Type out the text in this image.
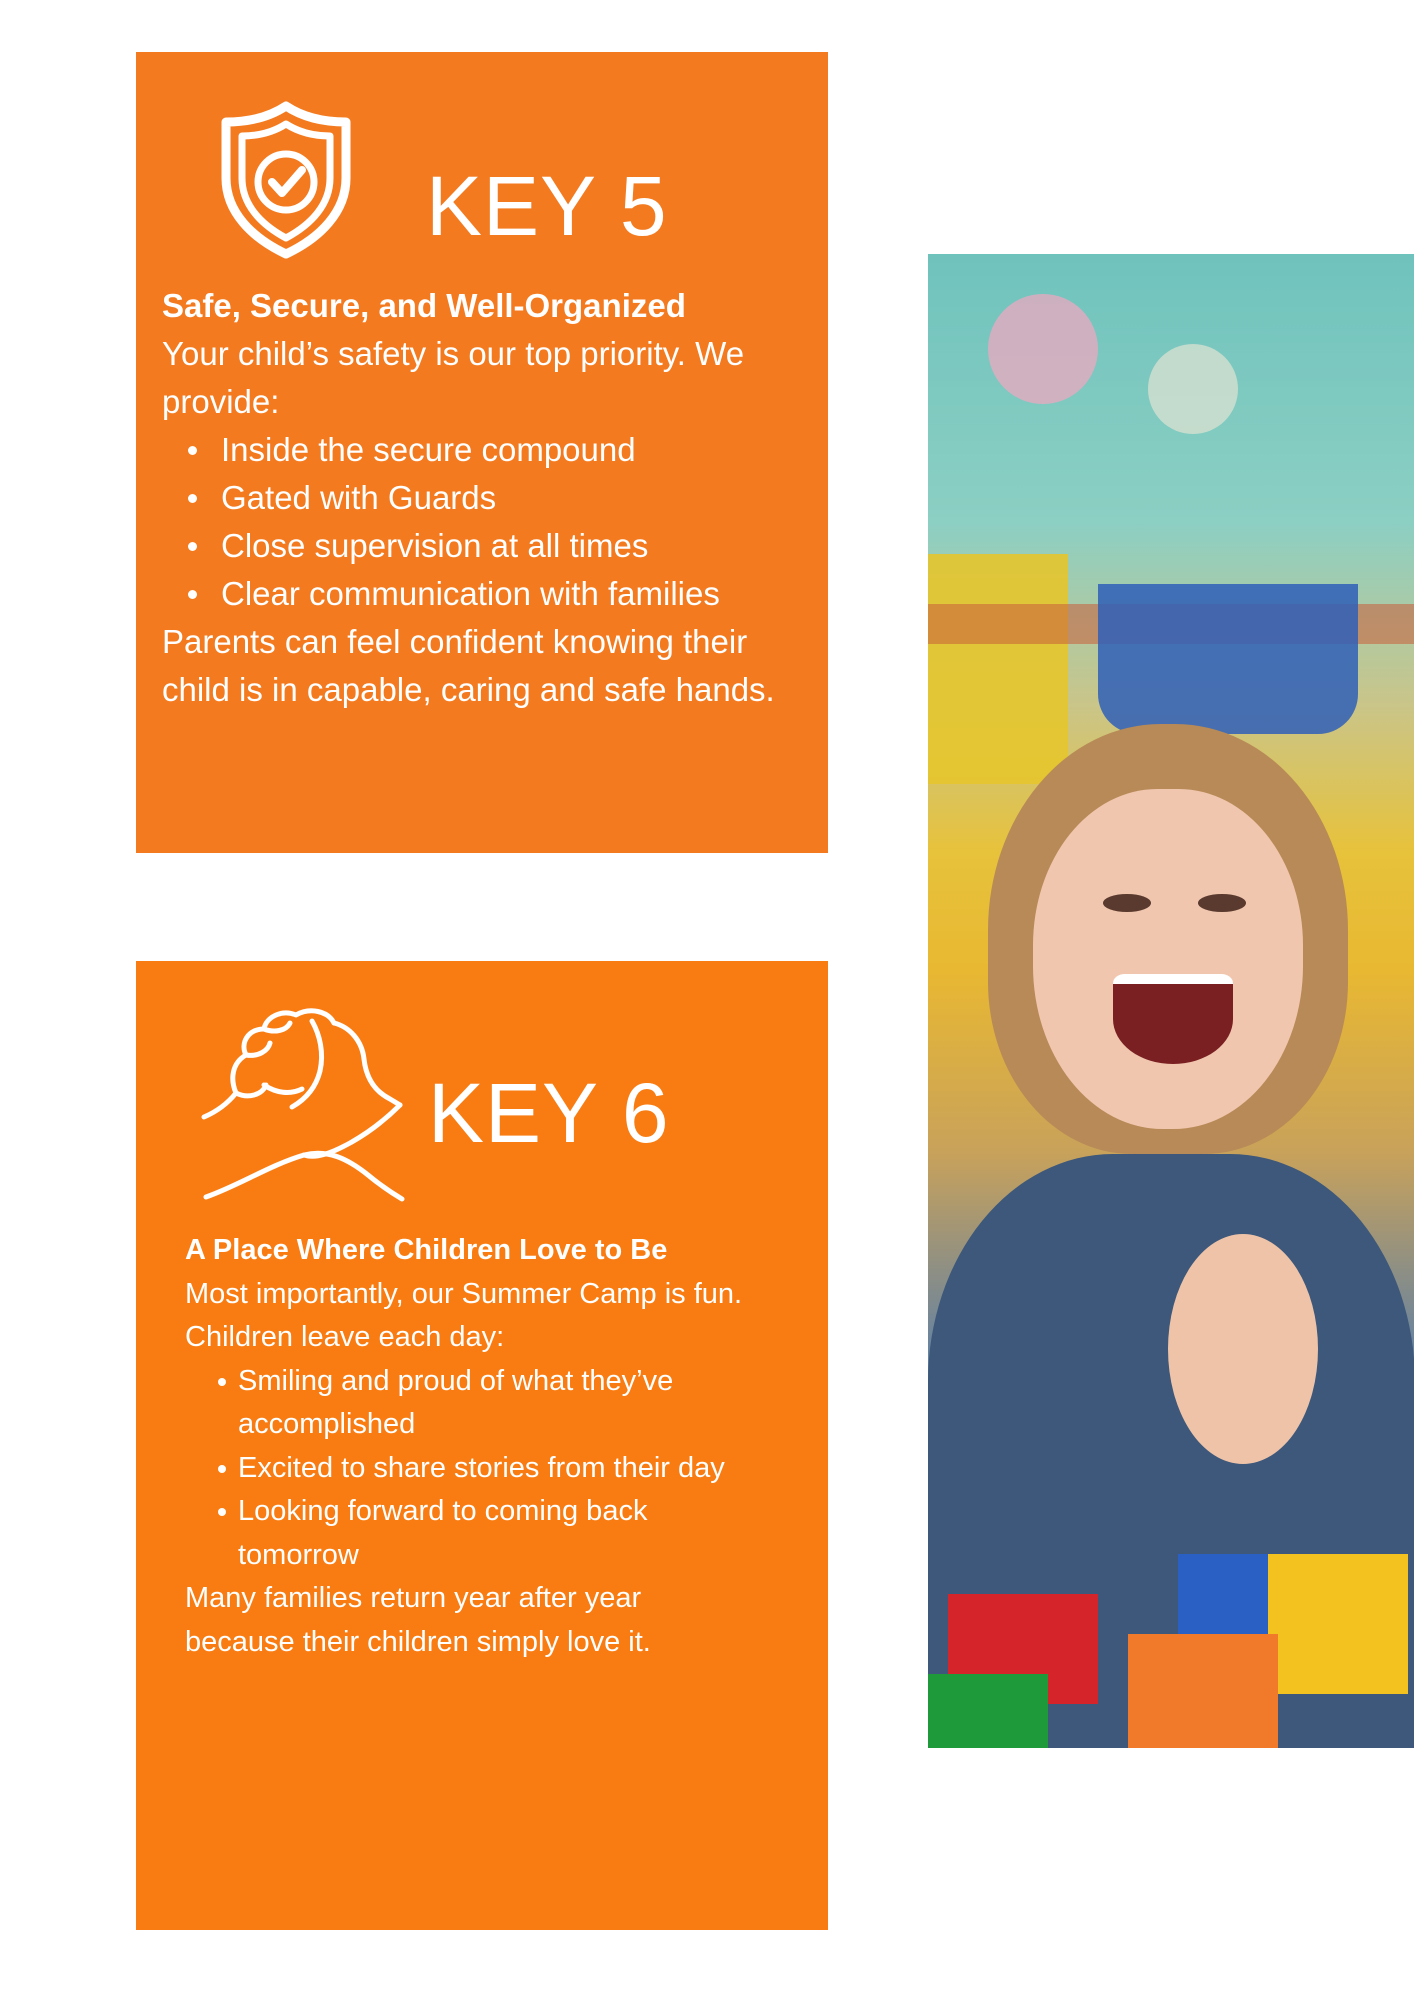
KEY 5

Safe, Secure, and Well-Organized

Your child’s safety is our top priority. We provide:

Inside the secure compound
Gated with Guards
Close supervision at all times
Clear communication with families

Parents can feel confident knowing their child is in capable, caring and safe hands.

KEY 6

A Place Where Children Love to Be

Most importantly, our Summer Camp is fun. Children leave each day:

Smiling and proud of what they’ve accomplished
Excited to share stories from their day
Looking forward to coming back tomorrow

Many families return year after year because their children simply love it.
